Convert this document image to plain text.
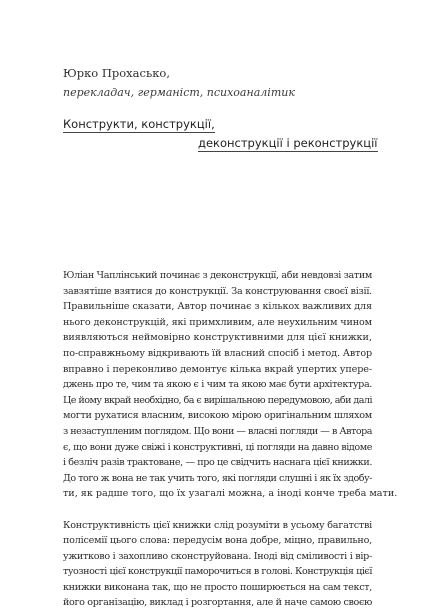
Юрко Прохасько,

перекладач, германіст, психоаналітик

Конструкти, конструкції,
деконструкції і реконструкції

Юліан Чаплінський починає з деконструкції, аби невдовзі затим
завзятіше взятися до конструкції. За конструювання своєї візії.
Правильніше сказати, Автор починає з кількох важливих для
нього деконструкцій, які примхливим, але неухильним чином
виявляються неймовірно конструктивними для цієї книжки,
по-справжньому відкривають їй власний спосіб і метод. Автор
вправно і переконливо демонтує кілька вкрай упертих упере-
джень про те, чим та якою є і чим та якою має бути архітектура.
Це йому вкрай необхідно, ба є вирішальною передумовою, аби далі
могти рухатися власним, високою мірою оригінальним шляхом
з незаступленим поглядом. Що вони — власні погляди — в Автора
є, що вони дуже свіжі і конструктивні, ці погляди на давно відоме
і безліч разів трактоване, — про це свідчить наснага цієї книжки.
До того ж вона не так учить того, які погляди слушні і як їх здобу-
ти, як радше того, що їх узагалі можна, а іноді конче треба мати.

Конструктивність цієї книжки слід розуміти в усьому багатстві
полісемії цього слова: передусім вона добре, міцно, правильно,
ужитково і захопливо сконструйована. Іноді від сміливості і вір-
туозності цієї конструкції паморочиться в голові. Конструкція цієї
книжки виконана так, що не просто поширюється на сам текст,
його організацію, виклад і розгортання, але й наче самою своєю
